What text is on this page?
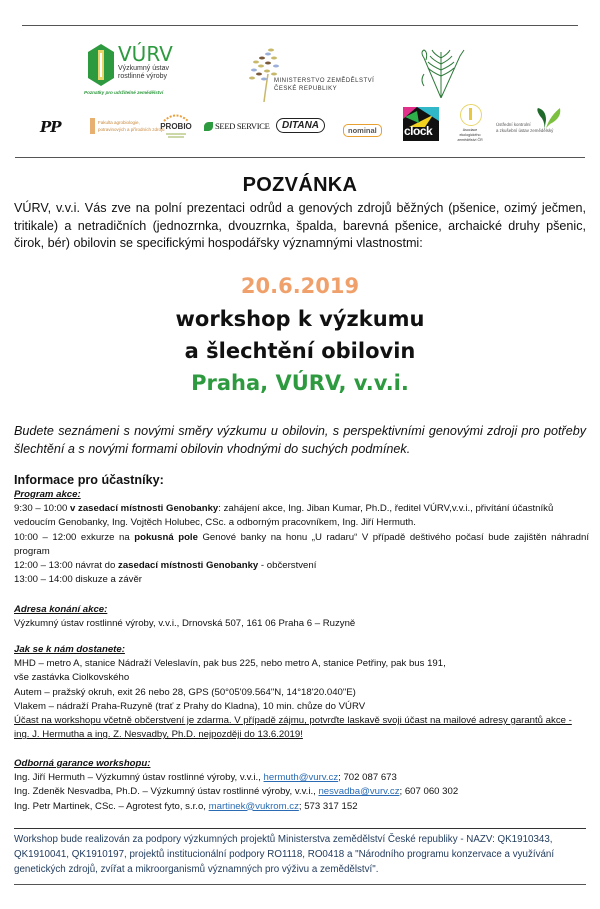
VÚRV
Výzkumný ústav
rostlinné výroby
Poznatky pro udržitelné zemědělství
MINISTERSTVO ZEMĚDĚLSTVÍ
ČESKÉ REPUBLIKY
PP	Fakulta agrobiologie,
potravinových a přírodních zdrojů
PROBIO	SEED SERVICE	DITANA	nominal	clock	Asociace
ekologického
zemědělství ČR
Ústřední kontrolní
a zkušební ústav zemědělský
POZVÁNKA
VÚRV, v.v.i. Vás zve na polní prezentaci odrůd a genových zdrojů běžných (pšenice, ozimý ječmen, tritikale) a netradičních (jednozrnka, dvouzrnka, špalda, barevná pšenice, archaické druhy pšenic, čirok, bér) obilovin se specifickými hospodářsky významnými vlastnostmi:
20.6.2019
workshop k výzkumu
a šlechtění obilovin
Praha, VÚRV, v.v.i.
Budete seznámeni s novými směry výzkumu u obilovin, s perspektivními genovými zdroji pro potřeby šlechtění a s novými formami obilovin vhodnými do suchých podmínek.
Informace pro účastníky:
Program akce:
9:30 – 10:00 v zasedací místnosti Genobanky: zahájení akce, Ing. Jiban Kumar, Ph.D., ředitel VÚRV,v.v.i., přivítání účastníků vedoucím Genobanky, Ing. Vojtěch Holubec, CSc. a odborným pracovníkem, Ing. Jiří Hermuth.
10:00 – 12:00 exkurze na pokusná pole Genové banky na honu „U radaru“ V případě deštivého počasí bude zajištěn náhradní program
12:00 – 13:00 návrat do zasedací místnosti Genobanky - občerstvení
13:00 – 14:00 diskuze a závěr
Adresa konání akce:
Výzkumný ústav rostlinné výroby, v.v.i., Drnovská 507, 161 06 Praha 6 – Ruzyně
Jak se k nám dostanete:
MHD – metro A, stanice Nádraží Veleslavín, pak bus 225, nebo metro A, stanice Petřiny, pak bus 191,
vše zastávka Ciolkovského
Autem – pražský okruh, exit 26 nebo 28, GPS (50°05'09.564"N, 14°18'20.040"E)
Vlakem – nádraží Praha-Ruzyně (trať z Prahy do Kladna), 10 min. chůze do VÚRV
Účast na workshopu včetně občerstvení je zdarma. V případě zájmu, potvrďte laskavě svoji účast na mailové adresy garantů akce - ing. J. Hermutha a ing. Z. Nesvadby, Ph.D. nejpozději do 13.6.2019!
Odborná garance workshopu:
Ing. Jiří Hermuth – Výzkumný ústav rostlinné výroby, v.v.i., hermuth@vurv.cz; 702 087 673
Ing. Zdeněk Nesvadba, Ph.D. – Výzkumný ústav rostlinné výroby, v.v.i., nesvadba@vurv.cz; 607 060 302
Ing. Petr Martinek, CSc. – Agrotest fyto, s.r.o, martinek@vukrom.cz; 573 317 152
Workshop bude realizován za podpory výzkumných projektů Ministerstva zemědělství České republiky - NAZV: QK1910343, QK1910041, QK1910197, projektů institucionální podpory RO1118, RO0418 a "Národního programu konzervace a využívání genetických zdrojů, zvířat a mikroorganismů významných pro výživu a zemědělství".
